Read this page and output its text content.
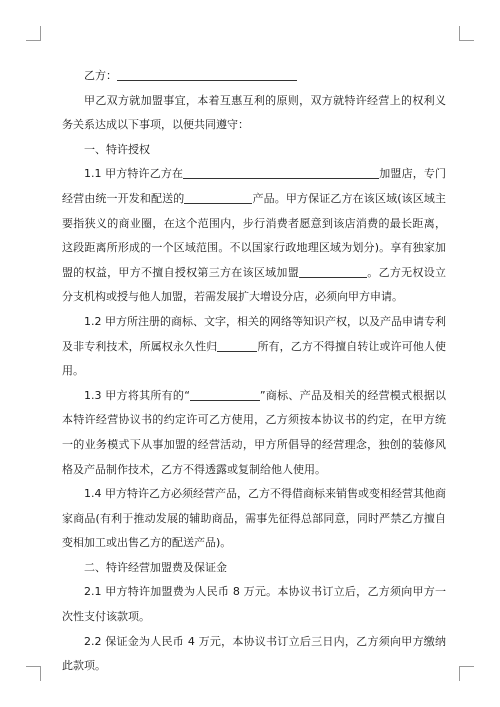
乙方：

甲乙双方就加盟事宜，本着互惠互利的原则，双方就特许经营上的权利义务关系达成以下事项，以便共同遵守：

一、特许授权

1.1 甲方特许乙方在	加盟店，专门经营由统一开发和配送的	产品。甲方保证乙方在该区域(该区域主要指狭义的商业圈，在这个范围内，步行消费者愿意到该店消费的最长距离，这段距离所形成的一个区域范围。不以国家行政地理区域为划分)。享有独家加盟的权益，甲方不擅自授权第三方在该区域加盟	。乙方无权设立分支机构或授与他人加盟，若需发展扩大增设分店，必须向甲方申请。

1.2 甲方所注册的商标、文字，相关的网络等知识产权，以及产品申请专利及非专利技术，所属权永久性归	所有，乙方不得擅自转让或许可他人使用。

1.3 甲方将其所有的“	”商标、产品及相关的经营模式根据以本特许经营协议书的约定许可乙方使用，乙方须按本协议书的约定，在甲方统一的业务模式下从事加盟的经营活动，甲方所倡导的经营理念，独创的装修风格及产品制作技术，乙方不得透露或复制给他人使用。

1.4 甲方特许乙方必须经营产品，乙方不得借商标来销售或变相经营其他商家商品(有利于推动发展的辅助商品，需事先征得总部同意，同时严禁乙方擅自变相加工或出售乙方的配送产品)。

二、特许经营加盟费及保证金

2.1 甲方特许加盟费为人民币 8 万元。本协议书订立后，乙方须向甲方一次性支付该款项。

2.2 保证金为人民币 4 万元，本协议书订立后三日内，乙方须向甲方缴纳此款项。
